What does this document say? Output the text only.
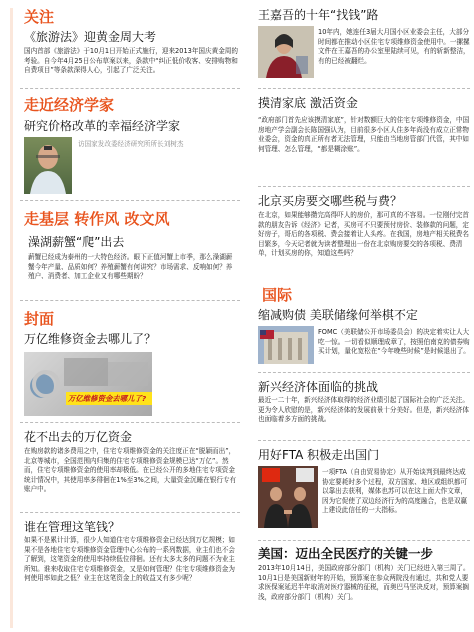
关注
《旅游法》迎黄金周大考
国内首部《旅游法》于10月1日开始正式施行，迎来2013年国庆黄金周的考验。自今年4月25日公布草案以来，条款中“纠正低价收客、安排购物和自费项目”等条款深得人心，引起了广泛关注。
走近经济学家
研究价格改革的幸福经济学家
访国家发改委经济研究所所长刘树杰
走基层 转作风 改文风
澡湖薪蟹“爬”出去
薪蟹已经成为泰州的一大特色经济。眼下正值河蟹上市季，那么澡湖薪蟹今年产量、品质如何？养殖薪蟹有何讲究？市场需求、反响如何？养殖户、消费者、加工企业又有哪些期盼？
封面
万亿维修资金去哪儿了？
万亿维修资金去哪儿了?
花不出去的万亿资金
在购房款的诸多费用之中，住宅专项维修资金的关注度正在“脱颖而出”，北京等城市，全国范围内归集的住宅专项维修资金规模已达“万亿”。然而，住宅专项维修资金的使用率却极低。在已经公开的多地住宅专项资金统计情况中，其使用率多徘徊在1%至3%之间，大量资金沉睡在银行专有账户中。
谁在管理这笔钱？
如果不是累计计算，很少人知道住宅专项维修资金已经达到万亿规模；如果不是各地住宅专项维修资金管理中心公布的一系列数据，业主们也不会了解到，这笔资金的使用率持续低位徘徊。还有太多太多的问题不为业主所知。谁来收取住宅专项维修资金，又是如何管理？住宅专项维修资金为何使用率如此之低？业主在这笔资金上的收益又有多少呢？
王嘉吾的十年“找钱”路
10年内，她连任3届大月国小区业委会主任，大部分时间都在推动小区住宅专项维修资金使用中。一摞摞文件在王嘉吾的办公室里陆续可见，有的斩新整洁，有的已经被翻烂。
摸清家底 激活资金
“政府部门首先应该摸清家底”，针对数额巨大的住宅专项维修资金，中国房地产学会副会长陈国强认为，目前很多小区人住多年尚没有成立正常物业委会，资金的真正所有者无法管理，只能由当地房管部门代管，其中如何管理、怎么管理，“都是糊涂账”。
北京买房要交哪些税与费？
在北京，如果能够攒完高得吓人的房价，那可真的不容易。一位刚付完首款的朋友告诉《经济》记者，买房可不只要预付房价、装修款的问题，定好房子，哥后的各项税、费会接着让人头疼。在我国，房地产相关税费名目繁多，今天记者就为读者整理出一份在北京购房要交的各项税、费清单，计划买房的你，知道这些吗？
国际
缩减购债 美联储缘何举棋不定
FOMC（美联储公开市场委员会）的决定着实让人大吃一惊。一切看似顺理成章了，按照伯南克的债券购买计划，量化宽松在“今年晚些时候”是时候退出了。
新兴经济体面临的挑战
最近一二十年，新兴经济体取得的经济业绩引起了国际社会的广泛关注。更为令人欣慰的是，新兴经济体的发展前景十分美好。但是，新兴经济体也面临着多方面的挑战。
用好FTA 积极走出国门
一项FTA（自由贸易协定）从开始谈判到最终达成协定要耗时多个过程，双方国家、地区或组织都可以靠出去获利，媒体也苏可以在这上面大作文章，因为它促使了双边经济行为的高度融合，也是双赢上建设此信任的一大指标。
美国：迈出全民医疗的关键一步
2013年10月14日，美国政府部分部门（机构）关门已经进入第三周了。10月1日是美国新财年的开始，预算案在参众两院没有通过，共和党人要求医保案延迟半年取消对医疗器械的征税，而奥巴马坚决反对，预算案搁浅，政府部分部门（机构）关门。
